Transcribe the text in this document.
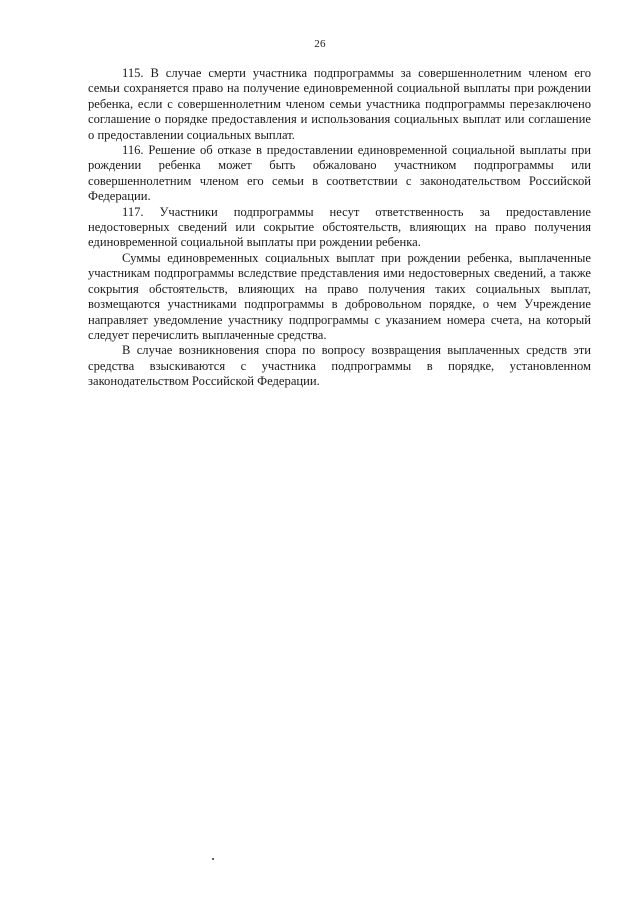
26

115. В случае смерти участника подпрограммы за совершеннолетним членом его семьи сохраняется право на получение единовременной социальной выплаты при рождении ребенка, если с совершеннолетним членом семьи участника подпрограммы перезаключено соглашение о порядке предоставления и использования социальных выплат или соглашение о предоставлении социальных выплат.

116. Решение об отказе в предоставлении единовременной социальной выплаты при рождении ребенка может быть обжаловано участником подпрограммы или совершеннолетним членом его семьи в соответствии с законодательством Российской Федерации.

117. Участники подпрограммы несут ответственность за предоставление недостоверных сведений или сокрытие обстоятельств, влияющих на право получения единовременной социальной выплаты при рождении ребенка.

Суммы единовременных социальных выплат при рождении ребенка, выплаченные участникам подпрограммы вследствие представления ими недостоверных сведений, а также сокрытия обстоятельств, влияющих на право получения таких социальных выплат, возмещаются участниками подпрограммы в добровольном порядке, о чем Учреждение направляет уведомление участнику подпрограммы с указанием номера счета, на который следует перечислить выплаченные средства.

В случае возникновения спора по вопросу возвращения выплаченных средств эти средства взыскиваются с участника подпрограммы в порядке, установленном законодательством Российской Федерации.
